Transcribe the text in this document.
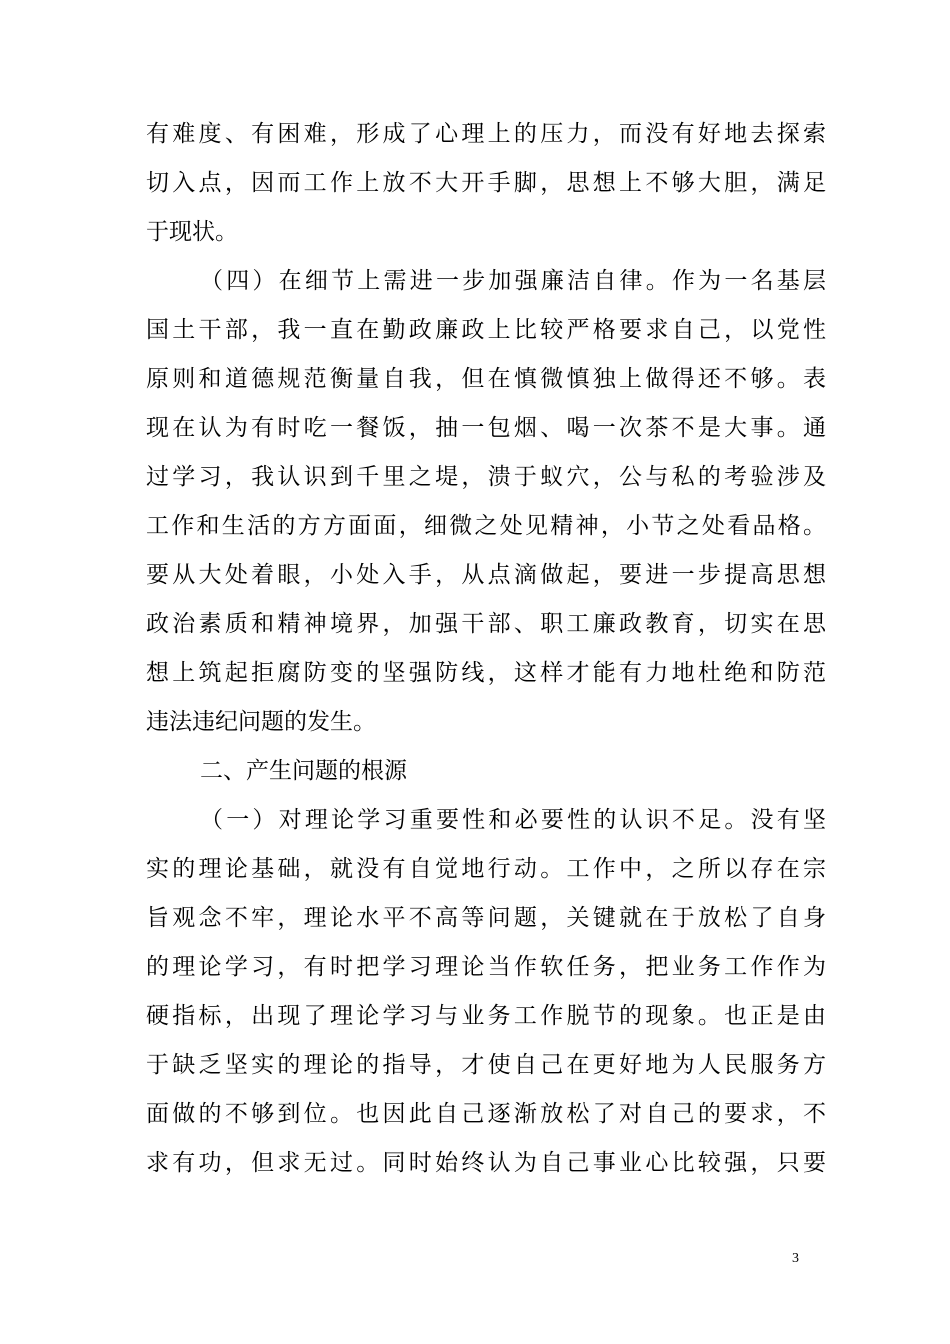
有难度、有困难，形成了心理上的压力，而没有好地去探索
切入点，因而工作上放不大开手脚，思想上不够大胆，满足
于现状。
（四）在细节上需进一步加强廉洁自律。作为一名基层
国土干部，我一直在勤政廉政上比较严格要求自己，以党性
原则和道德规范衡量自我，但在慎微慎独上做得还不够。表
现在认为有时吃一餐饭，抽一包烟、喝一次茶不是大事。通
过学习，我认识到千里之堤，溃于蚁穴，公与私的考验涉及
工作和生活的方方面面，细微之处见精神，小节之处看品格。
要从大处着眼，小处入手，从点滴做起，要进一步提高思想
政治素质和精神境界，加强干部、职工廉政教育，切实在思
想上筑起拒腐防变的坚强防线，这样才能有力地杜绝和防范
违法违纪问题的发生。
二、产生问题的根源
（一）对理论学习重要性和必要性的认识不足。没有坚
实的理论基础，就没有自觉地行动。工作中，之所以存在宗
旨观念不牢，理论水平不高等问题，关键就在于放松了自身
的理论学习，有时把学习理论当作软任务，把业务工作作为
硬指标，出现了理论学习与业务工作脱节的现象。也正是由
于缺乏坚实的理论的指导，才使自己在更好地为人民服务方
面做的不够到位。也因此自己逐渐放松了对自己的要求，不
求有功，但求无过。同时始终认为自己事业心比较强，只要
3
